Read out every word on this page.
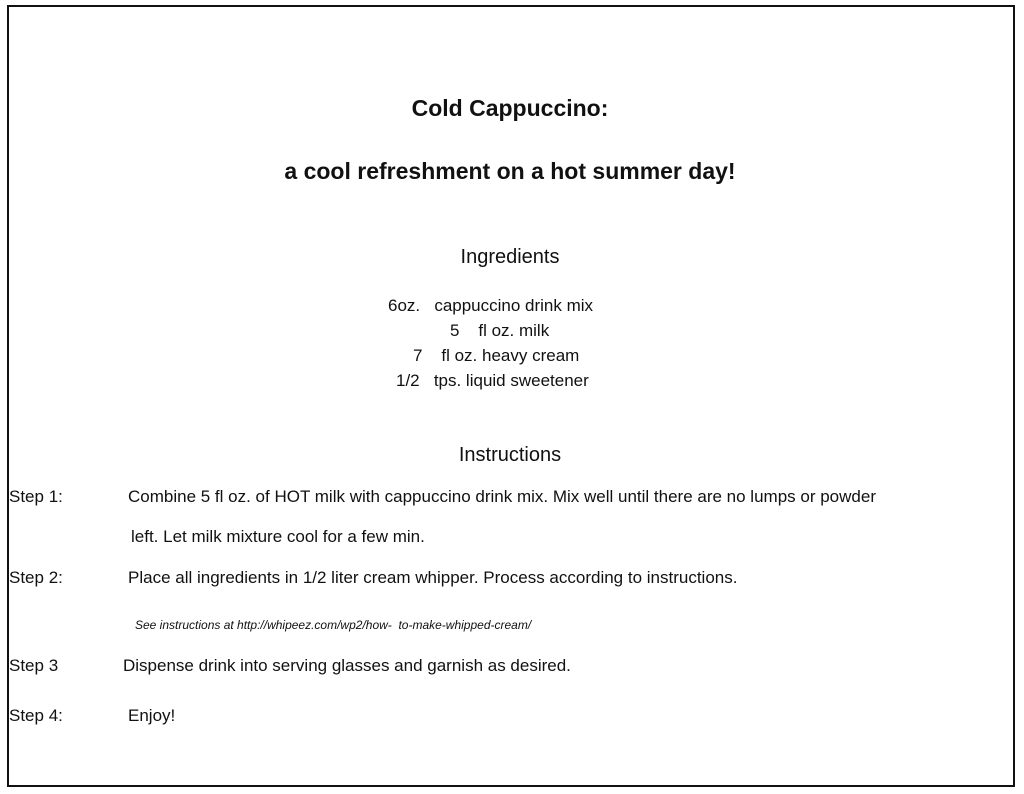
Cold Cappuccino:
a cool refreshment on a hot summer day!
Ingredients
6oz. cappuccino drink mix
5 fl oz. milk
7 fl oz. heavy cream
1/2 tps. liquid sweetener
Instructions
Step 1:	Combine 5 fl oz. of HOT milk with cappuccino drink mix. Mix well until there are no lumps or powder
left. Let milk mixture cool for a few min.
Step 2:	Place all ingredients in 1/2 liter cream whipper. Process according to instructions.
See instructions at http://whipeez.com/wp2/how-  to-make-whipped-cream/
Step 3	Dispense drink into serving glasses and garnish as desired.
Step 4:	Enjoy!
